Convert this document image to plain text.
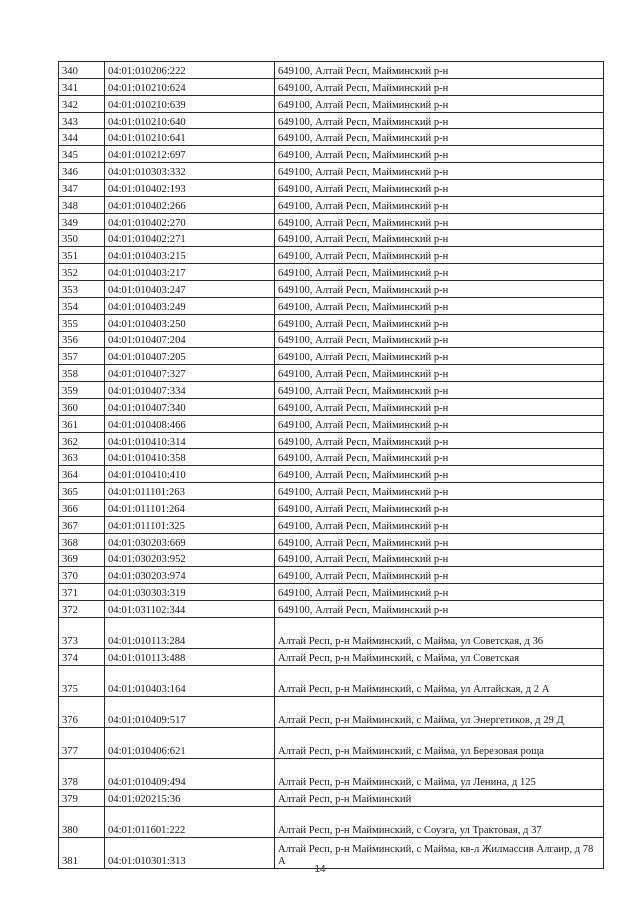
340	04:01:010206:222	649100, Алтай Респ, Майминский р-н
341	04:01:010210:624	649100, Алтай Респ, Майминский р-н
342	04:01:010210:639	649100, Алтай Респ, Майминский р-н
343	04:01:010210:640	649100, Алтай Респ, Майминский р-н
344	04:01:010210:641	649100, Алтай Респ, Майминский р-н
345	04:01:010212:697	649100, Алтай Респ, Майминский р-н
346	04:01:010303:332	649100, Алтай Респ, Майминский р-н
347	04:01:010402:193	649100, Алтай Респ, Майминский р-н
348	04:01:010402:266	649100, Алтай Респ, Майминский р-н
349	04:01:010402:270	649100, Алтай Респ, Майминский р-н
350	04:01:010402:271	649100, Алтай Респ, Майминский р-н
351	04:01:010403:215	649100, Алтай Респ, Майминский р-н
352	04:01:010403:217	649100, Алтай Респ, Майминский р-н
353	04:01:010403:247	649100, Алтай Респ, Майминский р-н
354	04:01:010403:249	649100, Алтай Респ, Майминский р-н
355	04:01:010403:250	649100, Алтай Респ, Майминский р-н
356	04:01:010407:204	649100, Алтай Респ, Майминский р-н
357	04:01:010407:205	649100, Алтай Респ, Майминский р-н
358	04:01:010407:327	649100, Алтай Респ, Майминский р-н
359	04:01:010407:334	649100, Алтай Респ, Майминский р-н
360	04:01:010407:340	649100, Алтай Респ, Майминский р-н
361	04:01:010408:466	649100, Алтай Респ, Майминский р-н
362	04:01:010410:314	649100, Алтай Респ, Майминский р-н
363	04:01:010410:358	649100, Алтай Респ, Майминский р-н
364	04:01:010410:410	649100, Алтай Респ, Майминский р-н
365	04:01:011101:263	649100, Алтай Респ, Майминский р-н
366	04:01:011101:264	649100, Алтай Респ, Майминский р-н
367	04:01:011101:325	649100, Алтай Респ, Майминский р-н
368	04:01:030203:669	649100, Алтай Респ, Майминский р-н
369	04:01:030203:952	649100, Алтай Респ, Майминский р-н
370	04:01:030203:974	649100, Алтай Респ, Майминский р-н
371	04:01:030303:319	649100, Алтай Респ, Майминский р-н
372	04:01:031102:344	649100, Алтай Респ, Майминский р-н
373	04:01:010113:284	Алтай Респ, р-н Майминский, с Майма, ул Советская, д 36
374	04:01:010113:488	Алтай Респ, р-н Майминский, с Майма, ул Советская
375	04:01:010403:164	Алтай Респ, р-н Майминский, с Майма, ул Алтайская, д 2 А
376	04:01:010409:517	Алтай Респ, р-н Майминский, с Майма, ул Энергетиков, д 29 Д
377	04:01:010406:621	Алтай Респ, р-н Майминский, с Майма, ул Березовая роща
378	04:01:010409:494	Алтай Респ, р-н Майминский, с Майма, ул Ленина, д 125
379	04:01:020215:36	Алтай Респ, р-н Майминский
380	04:01:011601:222	Алтай Респ, р-н Майминский, с Соузга, ул Трактовая, д 37
381	04:01:010301:313	Алтай Респ, р-н Майминский, с Майма, кв-л Жилмассив Алгаир, д 78 А
14
